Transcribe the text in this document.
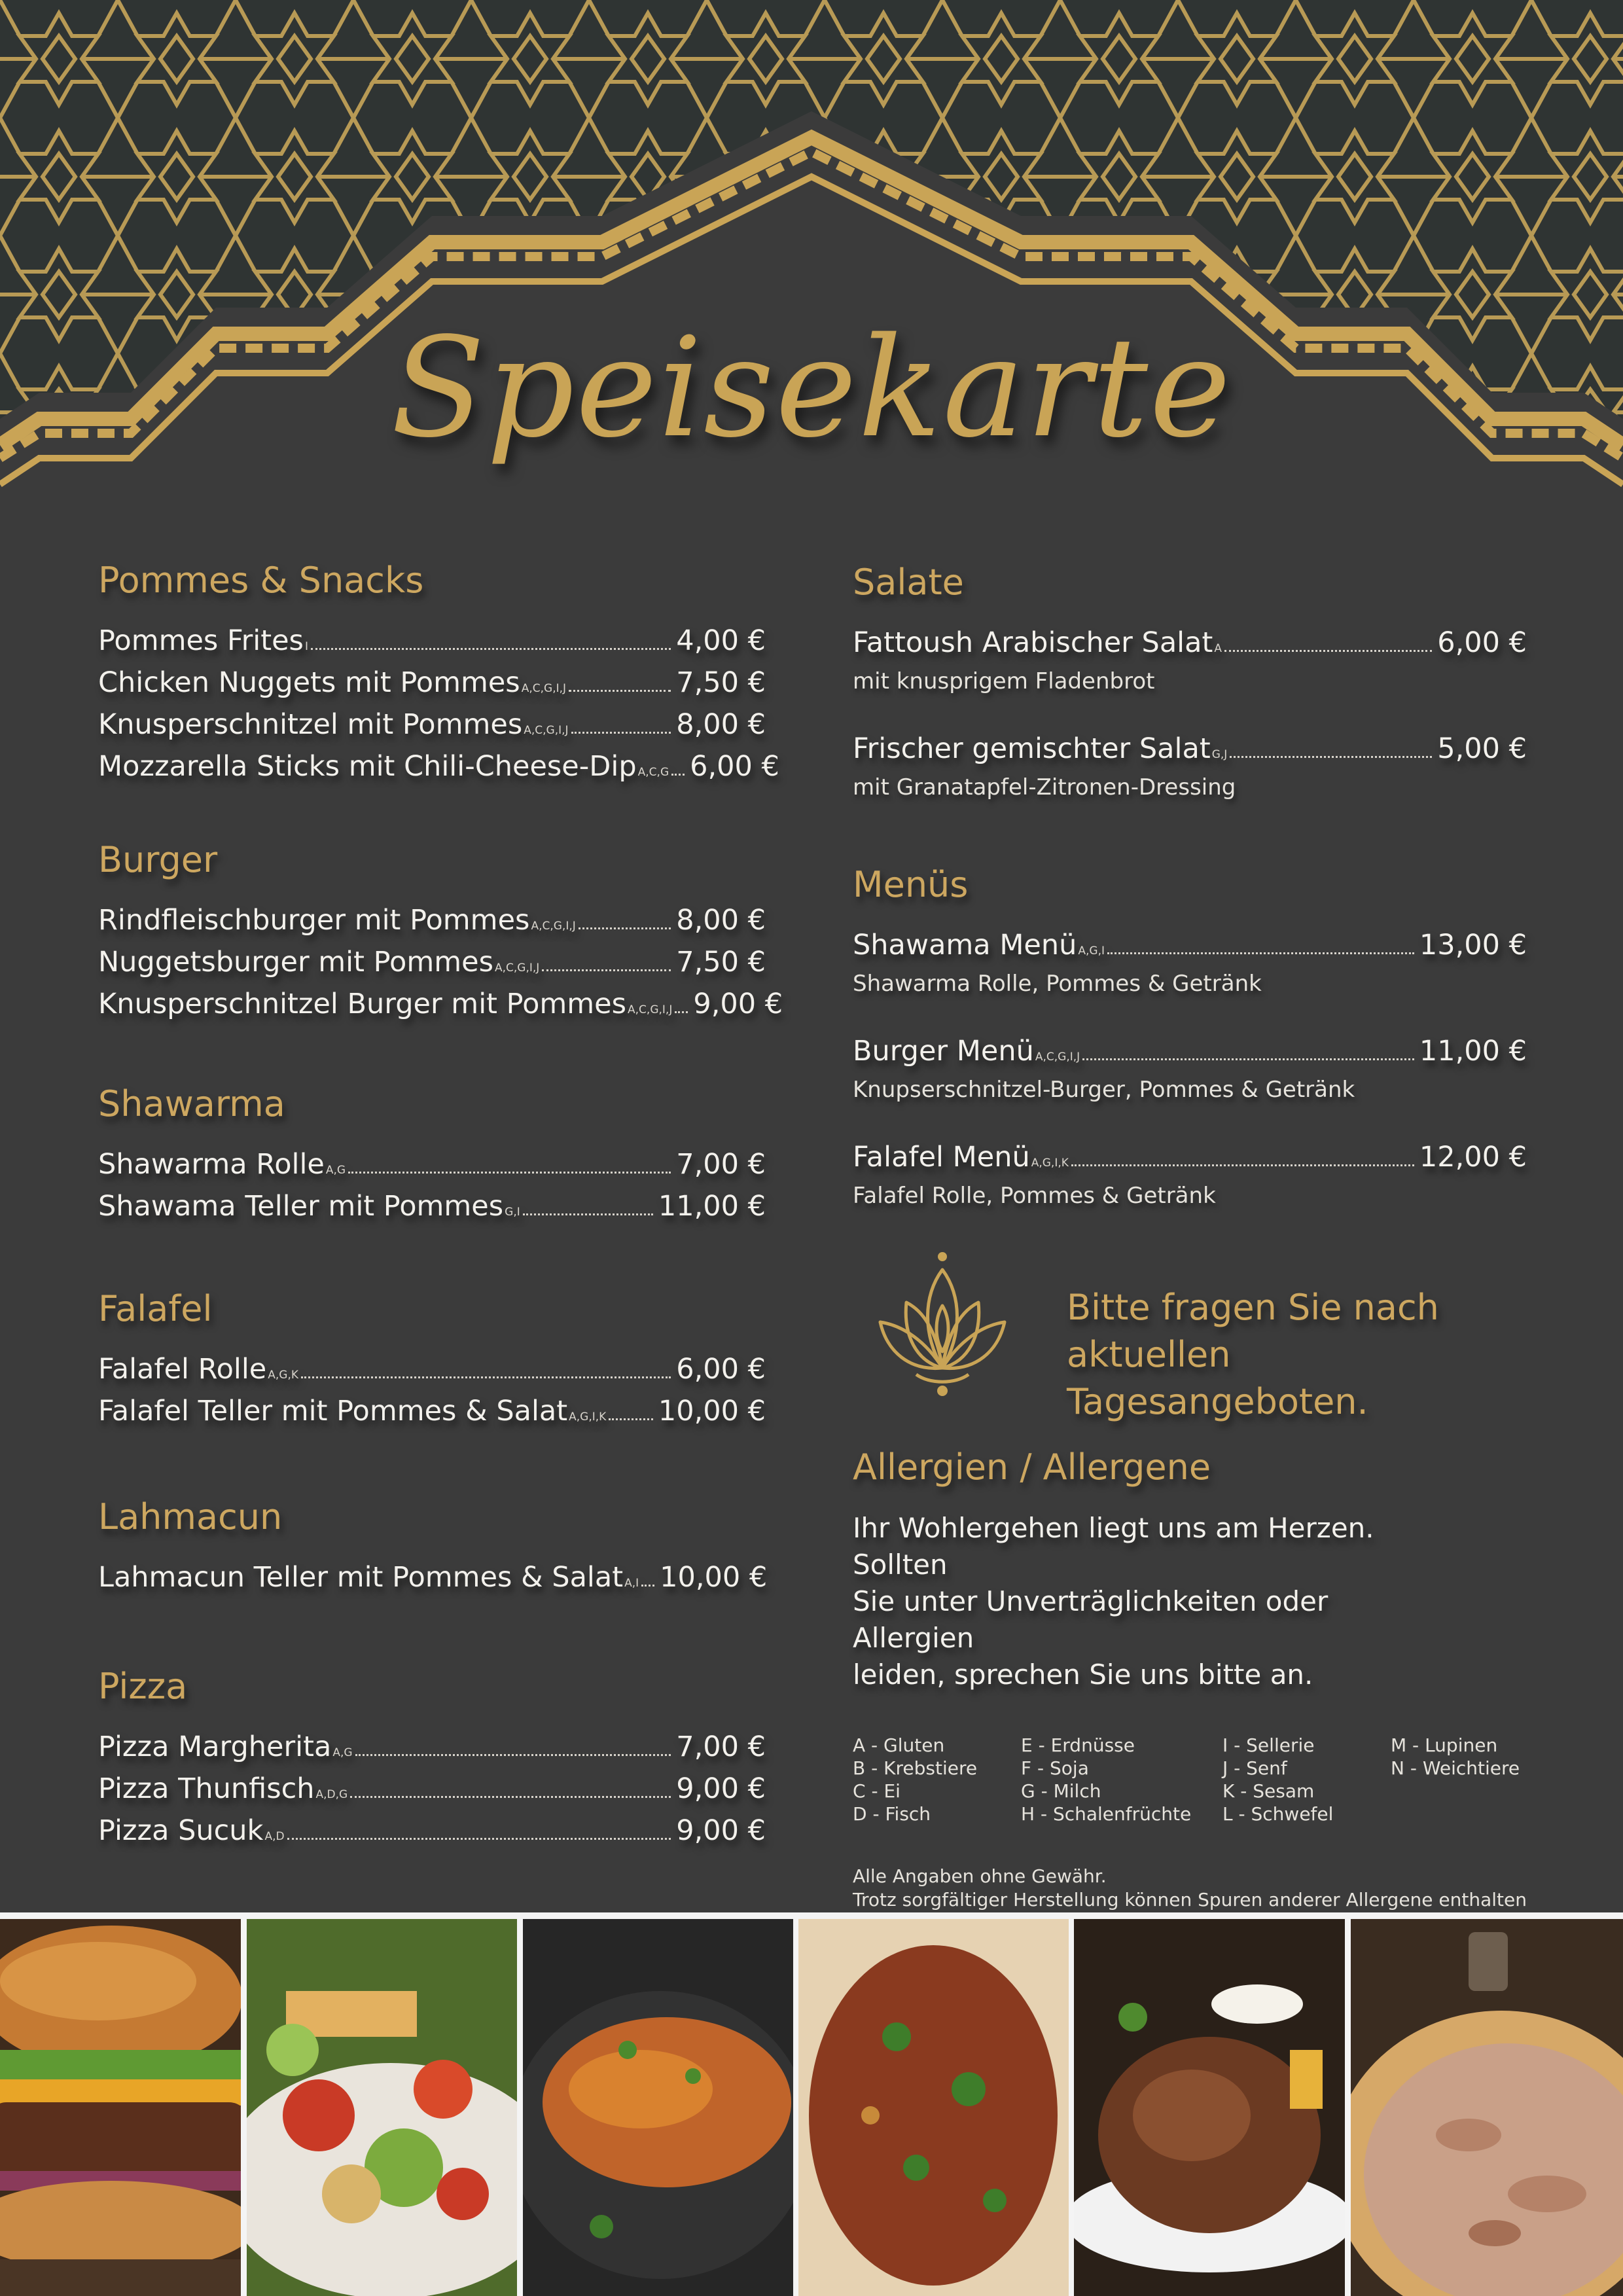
Speisekarte
Pommes & Snacks
Pommes Frites I	4,00 €
Chicken Nuggets mit Pommes A,C,G,I,J	7,50 €
Knusperschnitzel mit Pommes A,C,G,I,J	8,00 €
Mozzarella Sticks mit Chili-Cheese-Dip A,C,G 6,00 €
Burger
Rindfleischburger mit Pommes A,C,G,I,J	8,00 €
Nuggetsburger mit Pommes A,C,G,I,J	7,50 €
Knusperschnitzel Burger mit Pommes A,C,G,I,J 9,00 €
Shawarma
Shawarma Rolle A,G	7,00 €
Shawama Teller mit Pommes G,I	11,00 €
Falafel
Falafel Rolle A,G,K	6,00 €
Falafel Teller mit Pommes & Salat A,G,I,K 10,00 €
Lahmacun
Lahmacun Teller mit Pommes & Salat A,I 10,00 €
Pizza
Pizza Margherita A,G	7,00 €
Pizza Thunfisch A,D,G	9,00 €
Pizza Sucuk A,D	9,00 €
Salate
Fattoush Arabischer Salat A	6,00 €
mit knusprigem Fladenbrot
Frischer gemischter Salat G,J	5,00 €
mit Granatapfel-Zitronen-Dressing
Menüs
Shawama Menü A,G,I	13,00 €
Shawarma Rolle, Pommes & Getränk
Burger Menü A,C,G,I,J	11,00 €
Knupserschnitzel-Burger, Pommes & Getränk
Falafel Menü A,G,I,K	12,00 €
Falafel Rolle, Pommes & Getränk
Bitte fragen Sie nach
aktuellen Tagesangeboten.
Allergien / Allergene
Ihr Wohlergehen liegt uns am Herzen. Sollten
Sie unter Unverträglichkeiten oder Allergien
leiden, sprechen Sie uns bitte an.
A - Gluten
B - Krebstiere
C - Ei
D - Fisch
E - Erdnüsse
F - Soja
G - Milch
H - Schalenfrüchte
I - Sellerie
J - Senf
K - Sesam
L - Schwefel
M - Lupinen
N - Weichtiere
Alle Angaben ohne Gewähr.
Trotz sorgfältiger Herstellung können Spuren anderer Allergene enthalten
